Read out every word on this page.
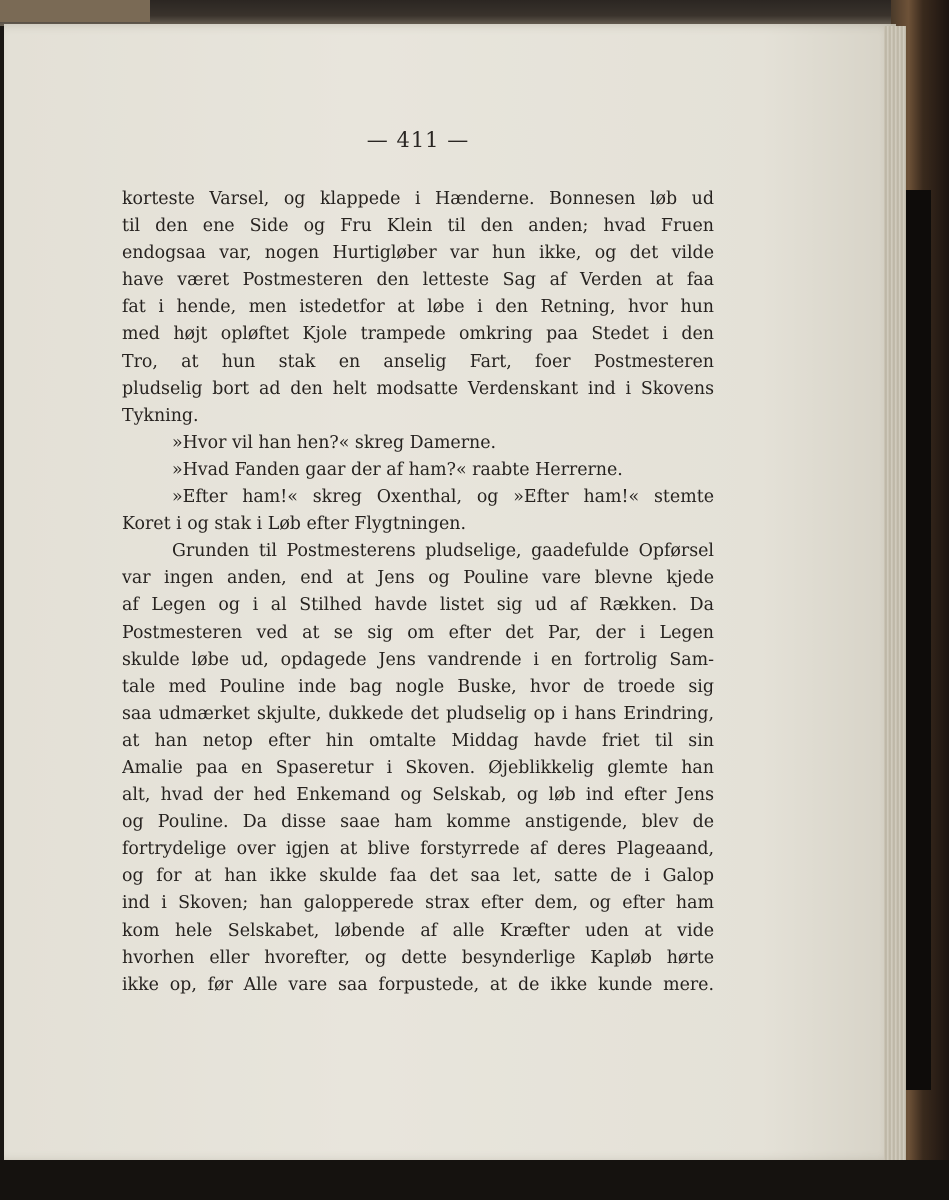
— 411 —
korteste Varsel, og klappede i Hænderne. Bonnesen løb ud
til den ene Side og Fru Klein til den anden; hvad Fruen
endogsaa var, nogen Hurtigløber var hun ikke, og det vilde
have været Postmesteren den letteste Sag af Verden at faa
fat i hende, men istedetfor at løbe i den Retning, hvor hun
med højt opløftet Kjole trampede omkring paa Stedet i den
Tro, at hun stak en anselig Fart, foer Postmesteren
pludselig bort ad den helt modsatte Verdenskant ind i Skovens
Tykning.
»Hvor vil han hen?« skreg Damerne.
»Hvad Fanden gaar der af ham?« raabte Herrerne.
»Efter ham!« skreg Oxenthal, og »Efter ham!« stemte
Koret i og stak i Løb efter Flygtningen.
Grunden til Postmesterens pludselige, gaadefulde Opførsel
var ingen anden, end at Jens og Pouline vare blevne kjede
af Legen og i al Stilhed havde listet sig ud af Rækken. Da
Postmesteren ved at se sig om efter det Par, der i Legen
skulde løbe ud, opdagede Jens vandrende i en fortrolig Sam-
tale med Pouline inde bag nogle Buske, hvor de troede sig
saa udmærket skjulte, dukkede det pludselig op i hans Erindring,
at han netop efter hin omtalte Middag havde friet til sin
Amalie paa en Spaseretur i Skoven. Øjeblikkelig glemte han
alt, hvad der hed Enkemand og Selskab, og løb ind efter Jens
og Pouline. Da disse saae ham komme anstigende, blev de
fortrydelige over igjen at blive forstyrrede af deres Plageaand,
og for at han ikke skulde faa det saa let, satte de i Galop
ind i Skoven; han galopperede strax efter dem, og efter ham
kom hele Selskabet, løbende af alle Kræfter uden at vide
hvorhen eller hvorefter, og dette besynderlige Kapløb hørte
ikke op, før Alle vare saa forpustede, at de ikke kunde mere.
